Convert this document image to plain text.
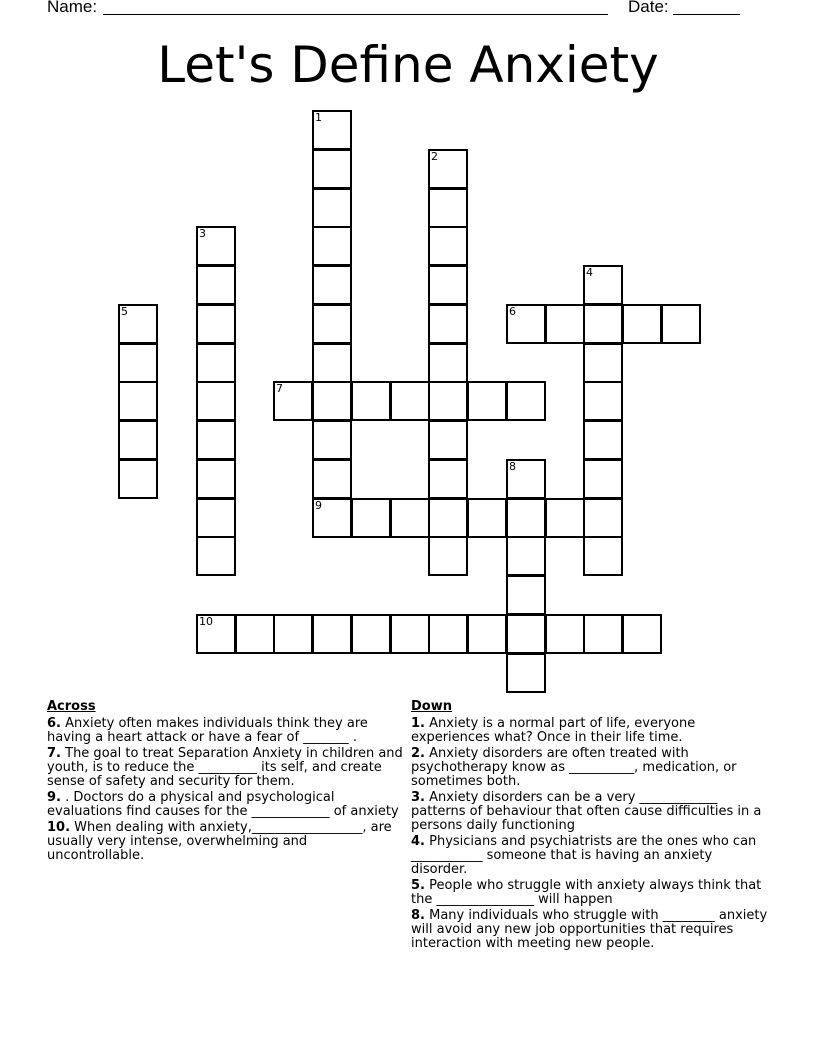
Name:	Date:
Let's Define Anxiety
1
2
3
4
5	6
7
8
9
10
Across
6. Anxiety often makes individuals think they are having a heart attack or have a fear of _______ .
7. The goal to treat Separation Anxiety in children and youth, is to reduce the _________ its self, and create sense of safety and security for them.
9. . Doctors do a physical and psychological evaluations find causes for the ____________ of anxiety
10. When dealing with anxiety,_________________, are usually very intense, overwhelming and uncontrollable.
Down
1. Anxiety is a normal part of life, everyone experiences what? Once in their life time.
2. Anxiety disorders are often treated with psychotherapy know as __________, medication, or sometimes both.
3. Anxiety disorders can be a very ____________ patterns of behaviour that often cause difficulties in a persons daily functioning
4. Physicians and psychiatrists are the ones who can ___________ someone that is having an anxiety disorder.
5. People who struggle with anxiety always think that the _______________ will happen
8. Many individuals who struggle with ________ anxiety will avoid any new job opportunities that requires interaction with meeting new people.
